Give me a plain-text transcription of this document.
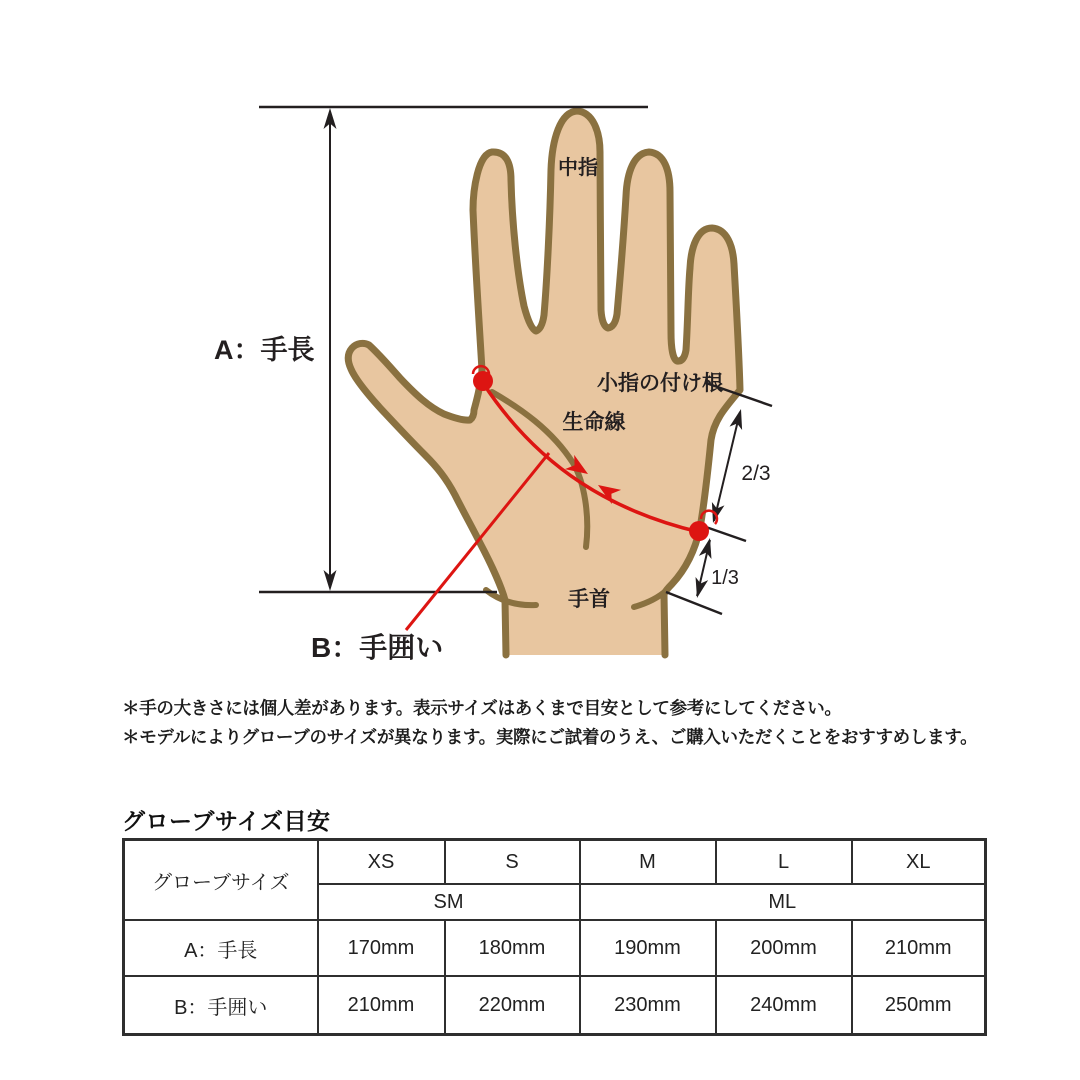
中指
小指の付け根
生命線
手首
2/3
1/3
A：手長
B：手囲い
＊手の大きさには個人差があります。表示サイズはあくまで目安として参考にしてください。
＊モデルによりグローブのサイズが異なります。実際にご試着のうえ、ご購入いただくことをおすすめします。
グローブサイズ目安
グローブサイズ	XS	S	M	L	XL
	SM		ML		
A：手長	170mm	180mm	190mm	200mm	210mm
B：手囲い	210mm	220mm	230mm	240mm	250mm
